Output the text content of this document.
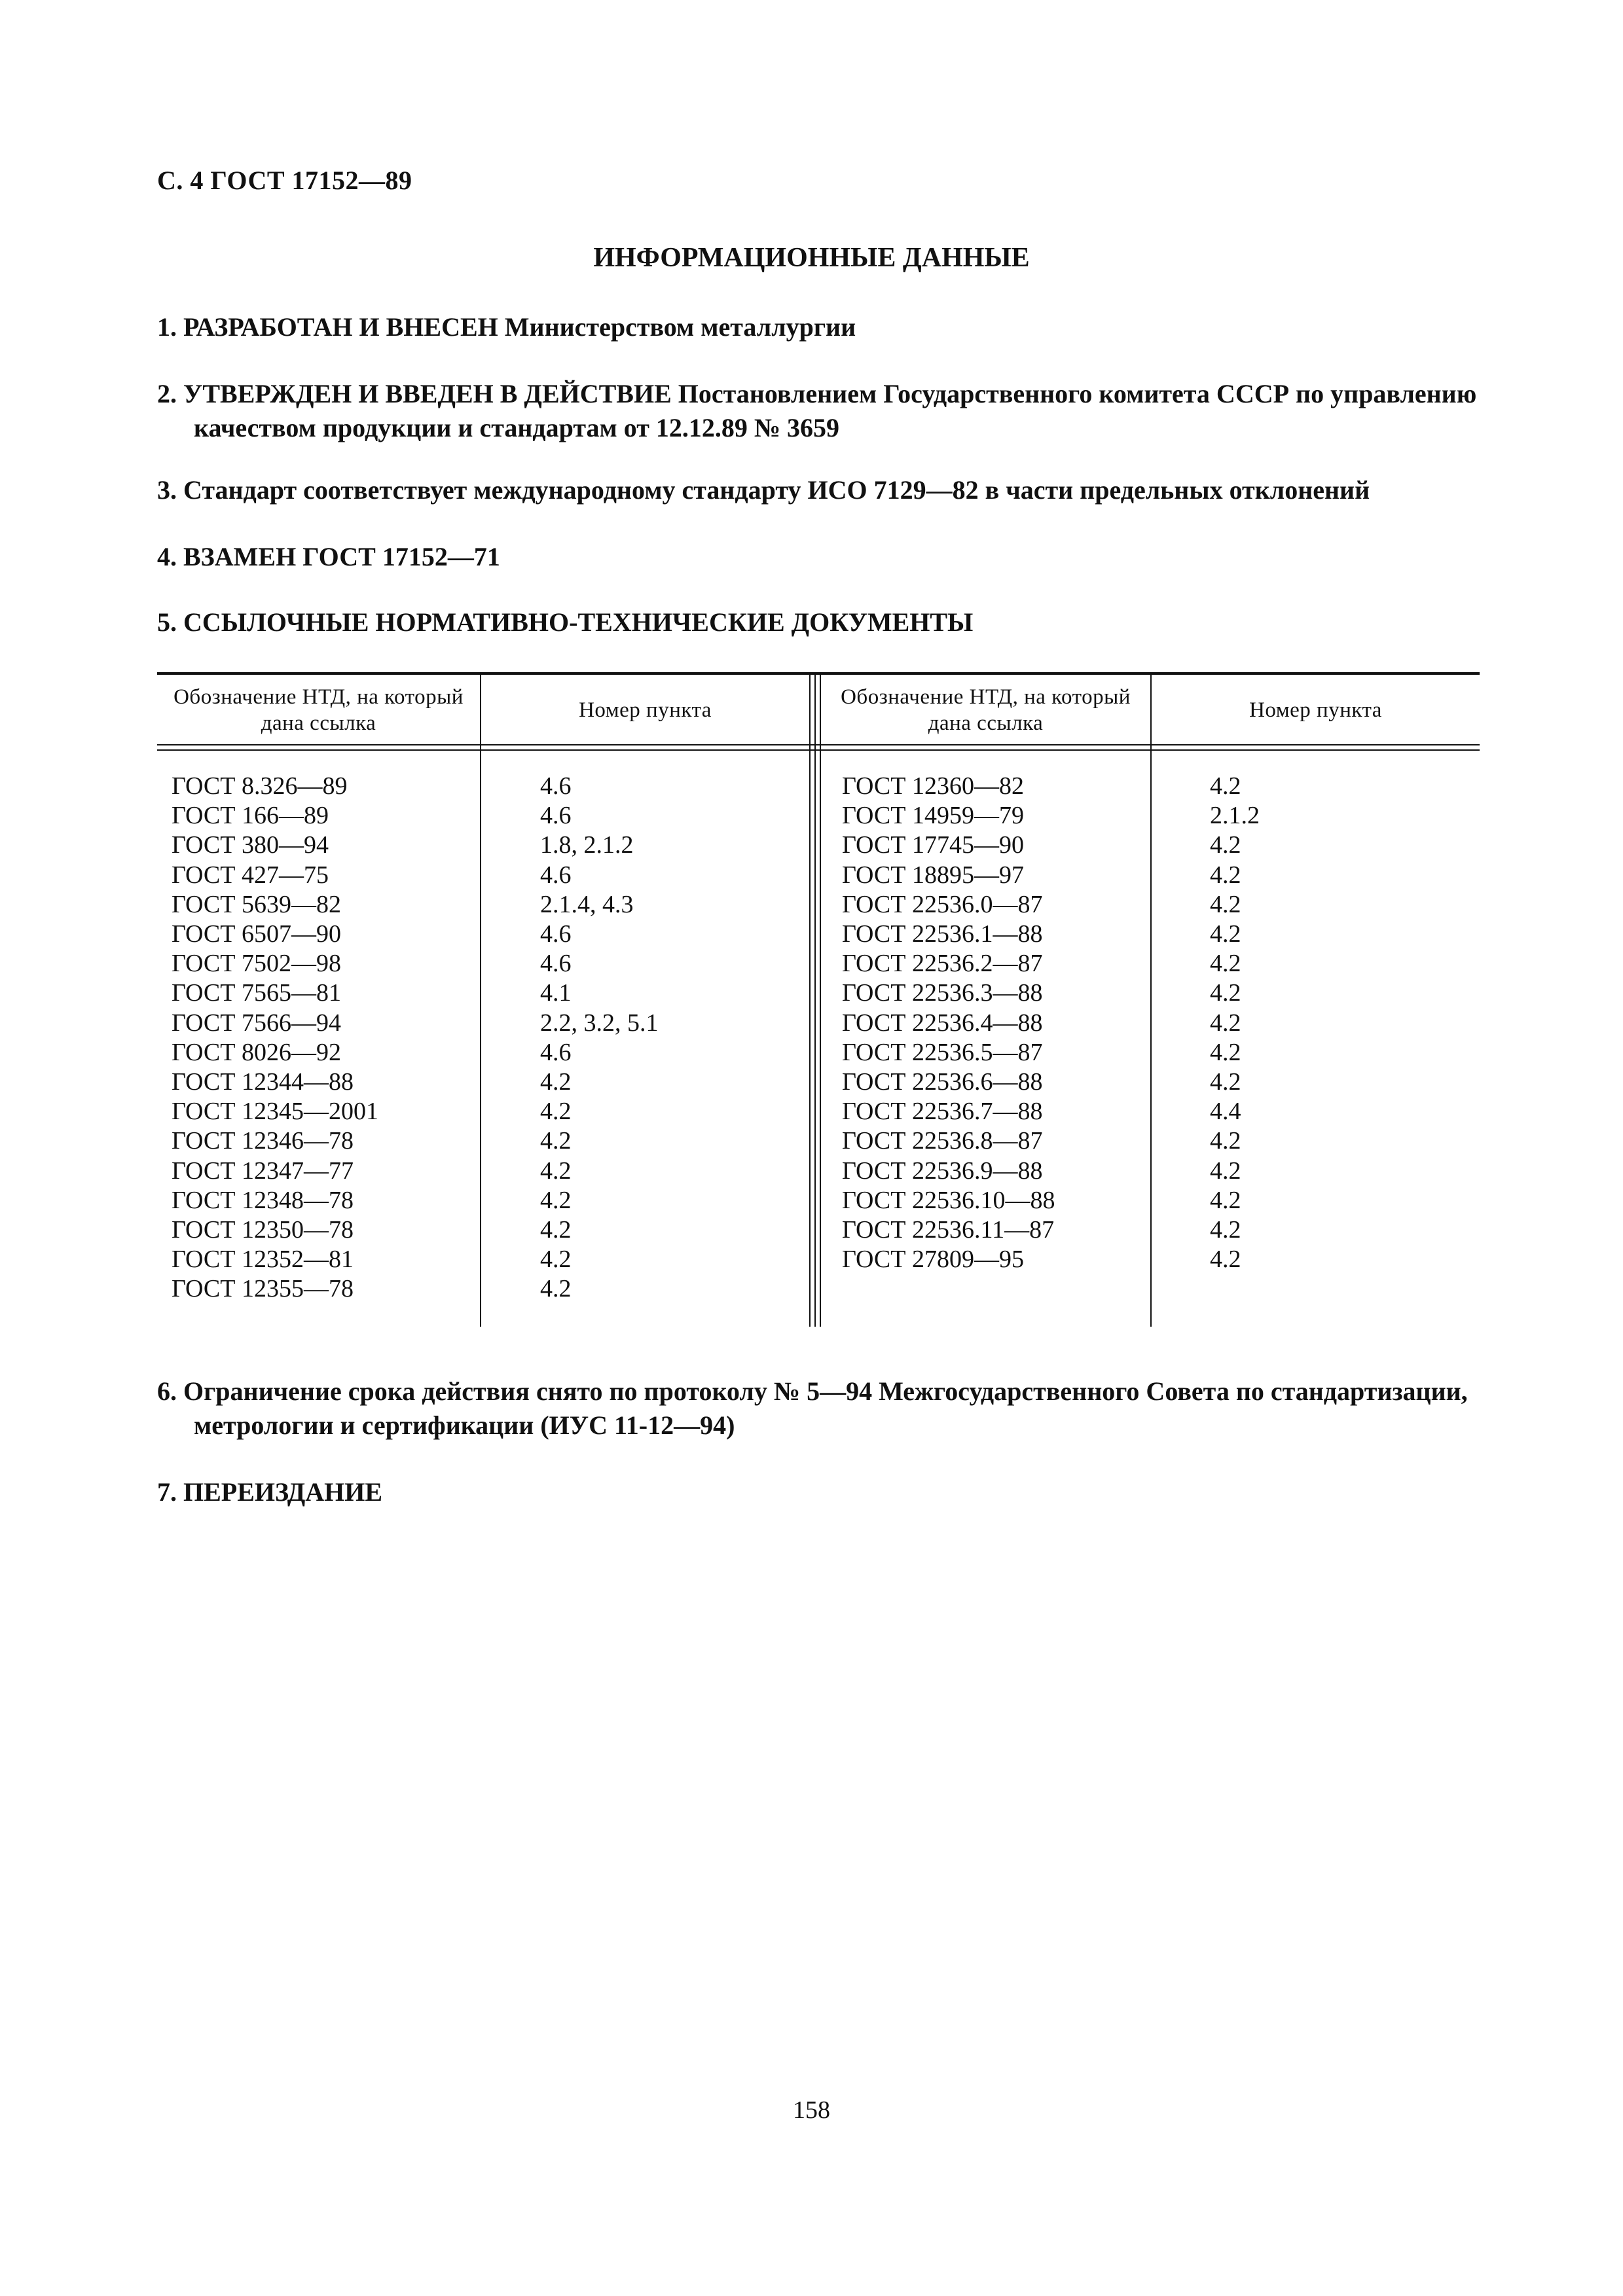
С. 4 ГОСТ 17152—89
ИНФОРМАЦИОННЫЕ ДАННЫЕ
1. РАЗРАБОТАН И ВНЕСЕН Министерством металлургии
2. УТВЕРЖДЕН И ВВЕДЕН В ДЕЙСТВИЕ Постановлением Государственного комитета СССР по управлению качеством продукции и стандартам от 12.12.89 № 3659
3. Стандарт соответствует международному стандарту ИСО 7129—82 в части предельных отклонений
4. ВЗАМЕН ГОСТ 17152—71
5. ССЫЛОЧНЫЕ НОРМАТИВНО-ТЕХНИЧЕСКИЕ ДОКУМЕНТЫ
Обозначение НТД, на который дана ссылка
Номер пункта
Обозначение НТД, на который дана ссылка
Номер пункта
ГОСТ 8.326—89
ГОСТ 166—89
ГОСТ 380—94
ГОСТ 427—75
ГОСТ 5639—82
ГОСТ 6507—90
ГОСТ 7502—98
ГОСТ 7565—81
ГОСТ 7566—94
ГОСТ 8026—92
ГОСТ 12344—88
ГОСТ 12345—2001
ГОСТ 12346—78
ГОСТ 12347—77
ГОСТ 12348—78
ГОСТ 12350—78
ГОСТ 12352—81
ГОСТ 12355—78
4.6
4.6
1.8, 2.1.2
4.6
2.1.4, 4.3
4.6
4.6
4.1
2.2, 3.2, 5.1
4.6
4.2
4.2
4.2
4.2
4.2
4.2
4.2
4.2
ГОСТ 12360—82
ГОСТ 14959—79
ГОСТ 17745—90
ГОСТ 18895—97
ГОСТ 22536.0—87
ГОСТ 22536.1—88
ГОСТ 22536.2—87
ГОСТ 22536.3—88
ГОСТ 22536.4—88
ГОСТ 22536.5—87
ГОСТ 22536.6—88
ГОСТ 22536.7—88
ГОСТ 22536.8—87
ГОСТ 22536.9—88
ГОСТ 22536.10—88
ГОСТ 22536.11—87
ГОСТ 27809—95
4.2
2.1.2
4.2
4.2
4.2
4.2
4.2
4.2
4.2
4.2
4.2
4.4
4.2
4.2
4.2
4.2
4.2
6. Ограничение срока действия снято по протоколу № 5—94 Межгосударственного Совета по стандартизации, метрологии и сертификации (ИУС 11-12—94)
7. ПЕРЕИЗДАНИЕ
158
